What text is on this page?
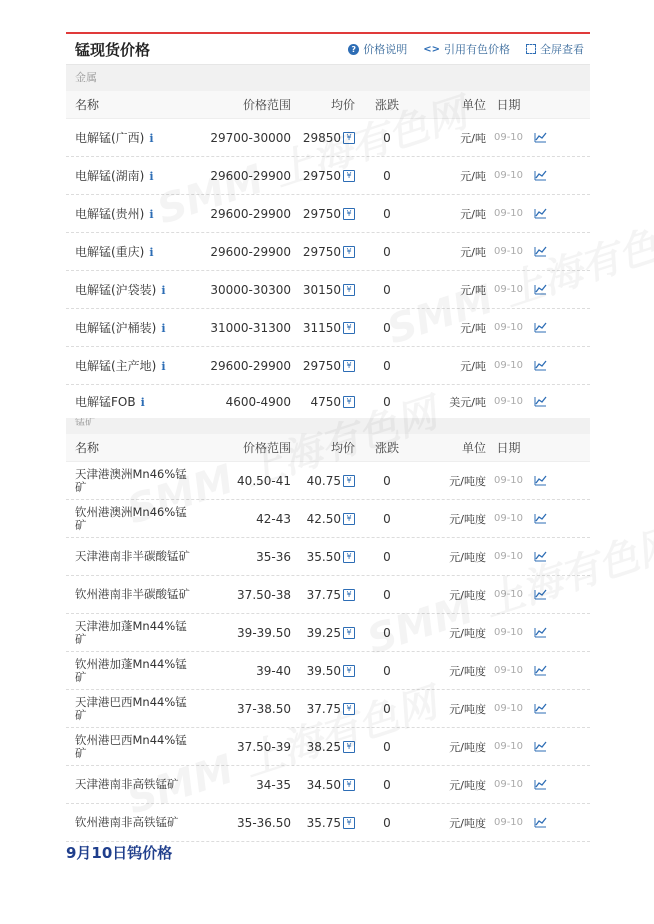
锰现货价格	? 价格说明 <> 引用有色价格	全屏查看
金属
名称	价格范围	均价	涨跌	单位 日期
电解锰(广西) i	29700-30000 29850 ¥	0	元/吨 09-10
电解锰(湖南) i	29600-29900 29750 ¥	0	元/吨 09-10
电解锰(贵州) i	29600-29900 29750 ¥	0	元/吨 09-10
电解锰(重庆) i	29600-29900 29750 ¥	0	元/吨 09-10
电解锰(沪袋装) i	30000-30300 30150 ¥	0	元/吨 09-10
电解锰(沪桶装) i	31000-31300 31150 ¥	0	元/吨 09-10
电解锰(主产地) i	29600-29900 29750 ¥	0	元/吨 09-10
电解锰FOB i	4600-4900	4750 ¥	0	美元/吨 09-10
锰矿
名称	价格范围	均价	涨跌	单位 日期
天津港澳洲Mn46%锰矿	40.50-41	40.75 ¥	0	元/吨度 09-10
钦州港澳洲Mn46%锰矿	42-43	42.50 ¥	0	元/吨度 09-10
天津港南非半碳酸锰矿	35-36	35.50 ¥	0	元/吨度 09-10
钦州港南非半碳酸锰矿	37.50-38	37.75 ¥	0	元/吨度 09-10
天津港加蓬Mn44%锰矿	39-39.50	39.25 ¥	0	元/吨度 09-10
钦州港加蓬Mn44%锰矿	39-40	39.50 ¥	0	元/吨度 09-10
天津港巴西Mn44%锰矿	37-38.50	37.75 ¥	0	元/吨度 09-10
钦州港巴西Mn44%锰矿	37.50-39	38.25 ¥	0	元/吨度 09-10
天津港南非高铁锰矿	34-35	34.50 ¥	0	元/吨度 09-10
钦州港南非高铁锰矿	35-36.50	35.75 ¥	0	元/吨度 09-10
9月10日钨价格
